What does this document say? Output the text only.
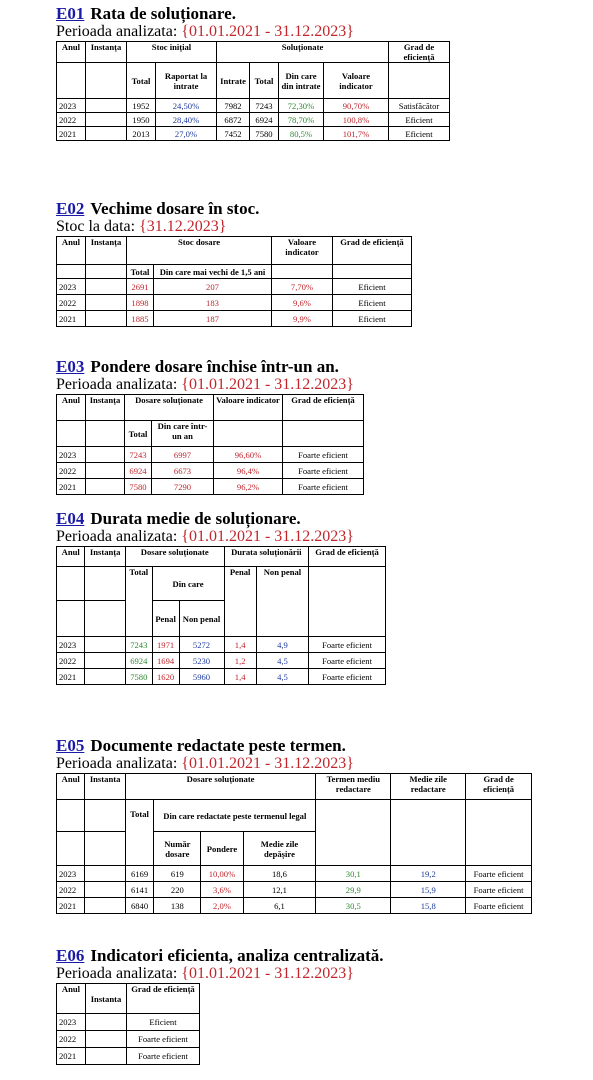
E01 Rata de soluționare.
Perioada analizata: {01.01.2021 - 31.12.2023}
Anul	Instanța	Stoc inițial		Soluționate				Grad de eficiență
		Total	Raportat la intrate	Intrate	Total	Din care din intrate	Valoare indicator	
2023		1952	24,50%	7982	7243	72,30%	90,70%	Satisfăcător
2022		1950	28,40%	6872	6924	78,70%	100,8%	Eficient
2021		2013	27,0%	7452	7580	80,5%	101,7%	Eficient
E02 Vechime dosare în stoc.
Stoc la data: {31.12.2023}
Anul	Instanța	Stoc dosare		Valoare indicator	Grad de eficiență
		Total	Din care mai vechi de 1,5 ani		
2023		2691	207	7,70%	Eficient
2022		1898	183	9,6%	Eficient
2021		1885	187	9,9%	Eficient
E03 Pondere dosare închise într-un an.
Perioada analizata: {01.01.2021 - 31.12.2023}
Anul	Instanța	Dosare soluționate		Valoare indicator	Grad de eficiență
		Total	Din care într-un an		
2023		7243	6997	96,60%	Foarte eficient
2022		6924	6673	96,4%	Foarte eficient
2021		7580	7290	96,2%	Foarte eficient
E04 Durata medie de soluționare.
Perioada analizata: {01.01.2021 - 31.12.2023}
Anul	Instanța	Dosare soluționate			Durata soluționării		Grad de eficiență
		Total	Din care		Penal	Non penal	
			Penal	Non penal			
2023		7243	1971	5272	1,4	4,9	Foarte eficient
2022		6924	1694	5230	1,2	4,5	Foarte eficient
2021		7580	1620	5960	1,4	4,5	Foarte eficient
E05 Documente redactate peste termen.
Perioada analizata: {01.01.2021 - 31.12.2023}
Anul	Instanta	Dosare soluționate				Termen mediu redactare	Medie zile redactare	Grad de eficiență
		Total	Din care redactate peste termenul legal					
			Număr dosare	Pondere	Medie zile depășire			
2023		6169	619	10,00%	18,6	30,1	19,2	Foarte eficient
2022		6141	220	3,6%	12,1	29,9	15,9	Foarte eficient
2021		6840	138	2,0%	6,1	30,5	15,8	Foarte eficient
E06 Indicatori eficienta, analiza centralizată.
Perioada analizata: {01.01.2021 - 31.12.2023}
Anul	Instanta	Grad de eficiență
2023		Eficient
2022		Foarte eficient
2021		Foarte eficient
